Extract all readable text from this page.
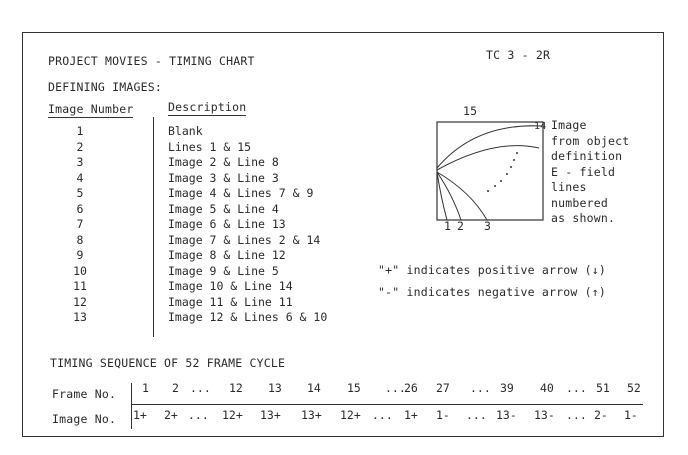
PROJECT MOVIES - TIMING CHART	TC 3 - 2R
DEFINING IMAGES:
Image Number	Description
1
2
3
4
5
6
7
8
9
10
11
12
13
Blank
Lines 1 & 15
Image 2 & Line 8
Image 3 & Line 3
Image 4 & Lines 7 & 9
Image 5 & Line 4
Image 6 & Line 13
Image 7 & Lines 2 & 14
Image 8 & Line 12
Image 9 & Line 5
Image 10 & Line 14
Image 11 & Line 11
Image 12 & Lines 6 & 10
15
14
1 2 3
Image
from object
definition
E - field
lines
numbered
as shown.
"+" indicates positive arrow (↓)
"-" indicates negative arrow (↑)
TIMING SEQUENCE OF 52 FRAME CYCLE
Frame No.
Image No.
1 2 ... 12 13 14 15 ...
26 27 ... 39 40 ... 51 52
1+ 2+ ... 12+ 13+ 13+ 12+ ... 1+ 1- ... 13- 13- ... 2- 1-
